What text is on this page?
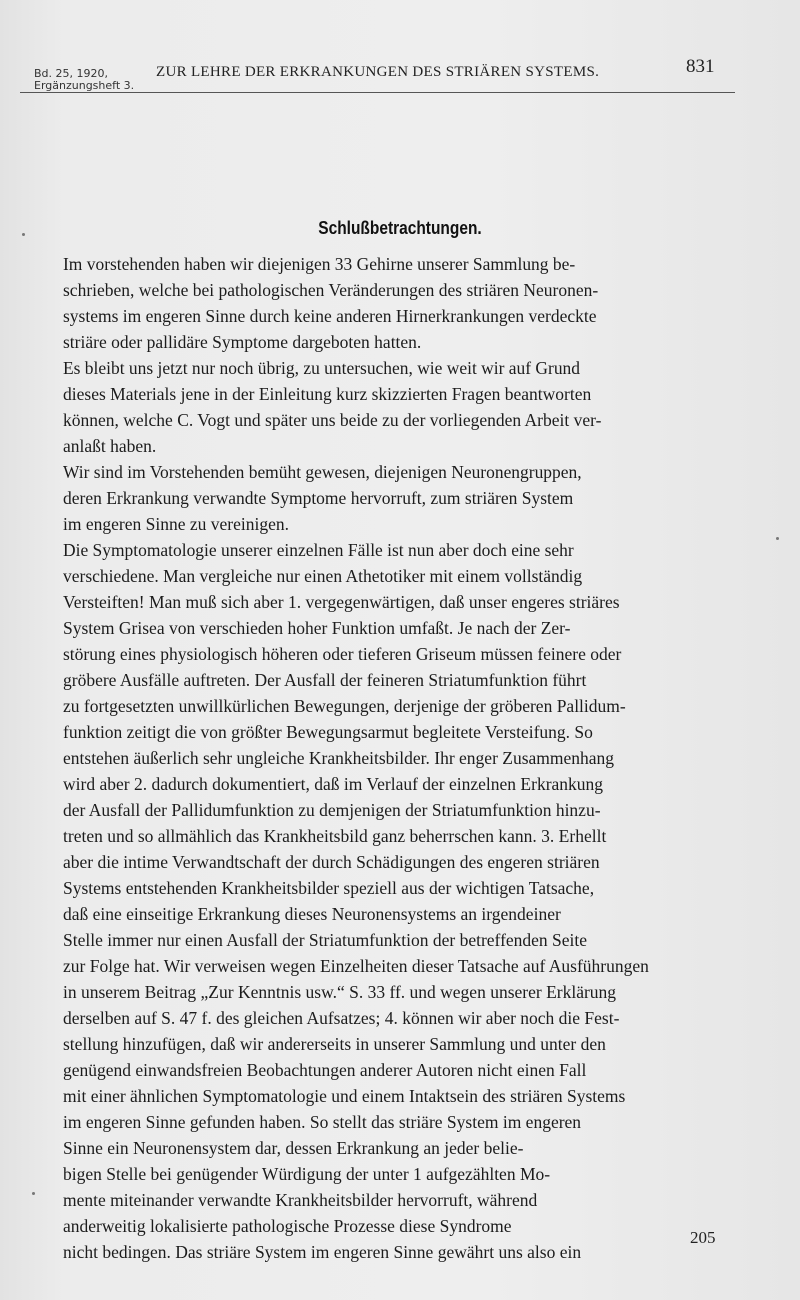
Bd. 25, 1920,
Ergänzungsheft 3.
ZUR LEHRE DER ERKRANKUNGEN DES STRIÄREN SYSTEMS.	831
Schlußbetrachtungen.
Im vorstehenden haben wir diejenigen 33 Gehirne unserer Sammlung be-
schrieben, welche bei pathologischen Veränderungen des striären Neuronen-
systems im engeren Sinne durch keine anderen Hirnerkrankungen verdeckte
striäre oder pallidäre Symptome dargeboten hatten.
Es bleibt uns jetzt nur noch übrig, zu untersuchen, wie weit wir auf Grund
dieses Materials jene in der Einleitung kurz skizzierten Fragen beantworten
können, welche C. Vogt und später uns beide zu der vorliegenden Arbeit ver-
anlaßt haben.
Wir sind im Vorstehenden bemüht gewesen, diejenigen Neuronengruppen,
deren Erkrankung verwandte Symptome hervorruft, zum striären System
im engeren Sinne zu vereinigen.
Die Symptomatologie unserer einzelnen Fälle ist nun aber doch eine sehr
verschiedene. Man vergleiche nur einen Athetotiker mit einem vollständig
Versteiften! Man muß sich aber 1. vergegenwärtigen, daß unser engeres striäres
System Grisea von verschieden hoher Funktion umfaßt. Je nach der Zer-
störung eines physiologisch höheren oder tieferen Griseum müssen feinere oder
gröbere Ausfälle auftreten. Der Ausfall der feineren Striatumfunktion führt
zu fortgesetzten unwillkürlichen Bewegungen, derjenige der gröberen Pallidum-
funktion zeitigt die von größter Bewegungsarmut begleitete Versteifung. So
entstehen äußerlich sehr ungleiche Krankheitsbilder. Ihr enger Zusammenhang
wird aber 2. dadurch dokumentiert, daß im Verlauf der einzelnen Erkrankung
der Ausfall der Pallidumfunktion zu demjenigen der Striatumfunktion hinzu-
treten und so allmählich das Krankheitsbild ganz beherrschen kann. 3. Erhellt
aber die intime Verwandtschaft der durch Schädigungen des engeren striären
Systems entstehenden Krankheitsbilder speziell aus der wichtigen Tatsache,
daß eine einseitige Erkrankung dieses Neuronensystems an irgendeiner
Stelle immer nur einen Ausfall der Striatumfunktion der betreffenden Seite
zur Folge hat. Wir verweisen wegen Einzelheiten dieser Tatsache auf Ausführungen
in unserem Beitrag „Zur Kenntnis usw.“ S. 33 ff. und wegen unserer Erklärung
derselben auf S. 47 f. des gleichen Aufsatzes; 4. können wir aber noch die Fest-
stellung hinzufügen, daß wir andererseits in unserer Sammlung und unter den
genügend einwandsfreien Beobachtungen anderer Autoren nicht einen Fall
mit einer ähnlichen Symptomatologie und einem Intaktsein des striären Systems
im engeren Sinne gefunden haben. So stellt das striäre System im engeren
Sinne ein Neuronensystem dar, dessen Erkrankung an jeder belie-
bigen Stelle bei genügender Würdigung der unter 1 aufgezählten Mo-
mente miteinander verwandte Krankheitsbilder hervorruft, während
anderweitig lokalisierte pathologische Prozesse diese Syndrome
nicht bedingen. Das striäre System im engeren Sinne gewährt uns also ein
205
